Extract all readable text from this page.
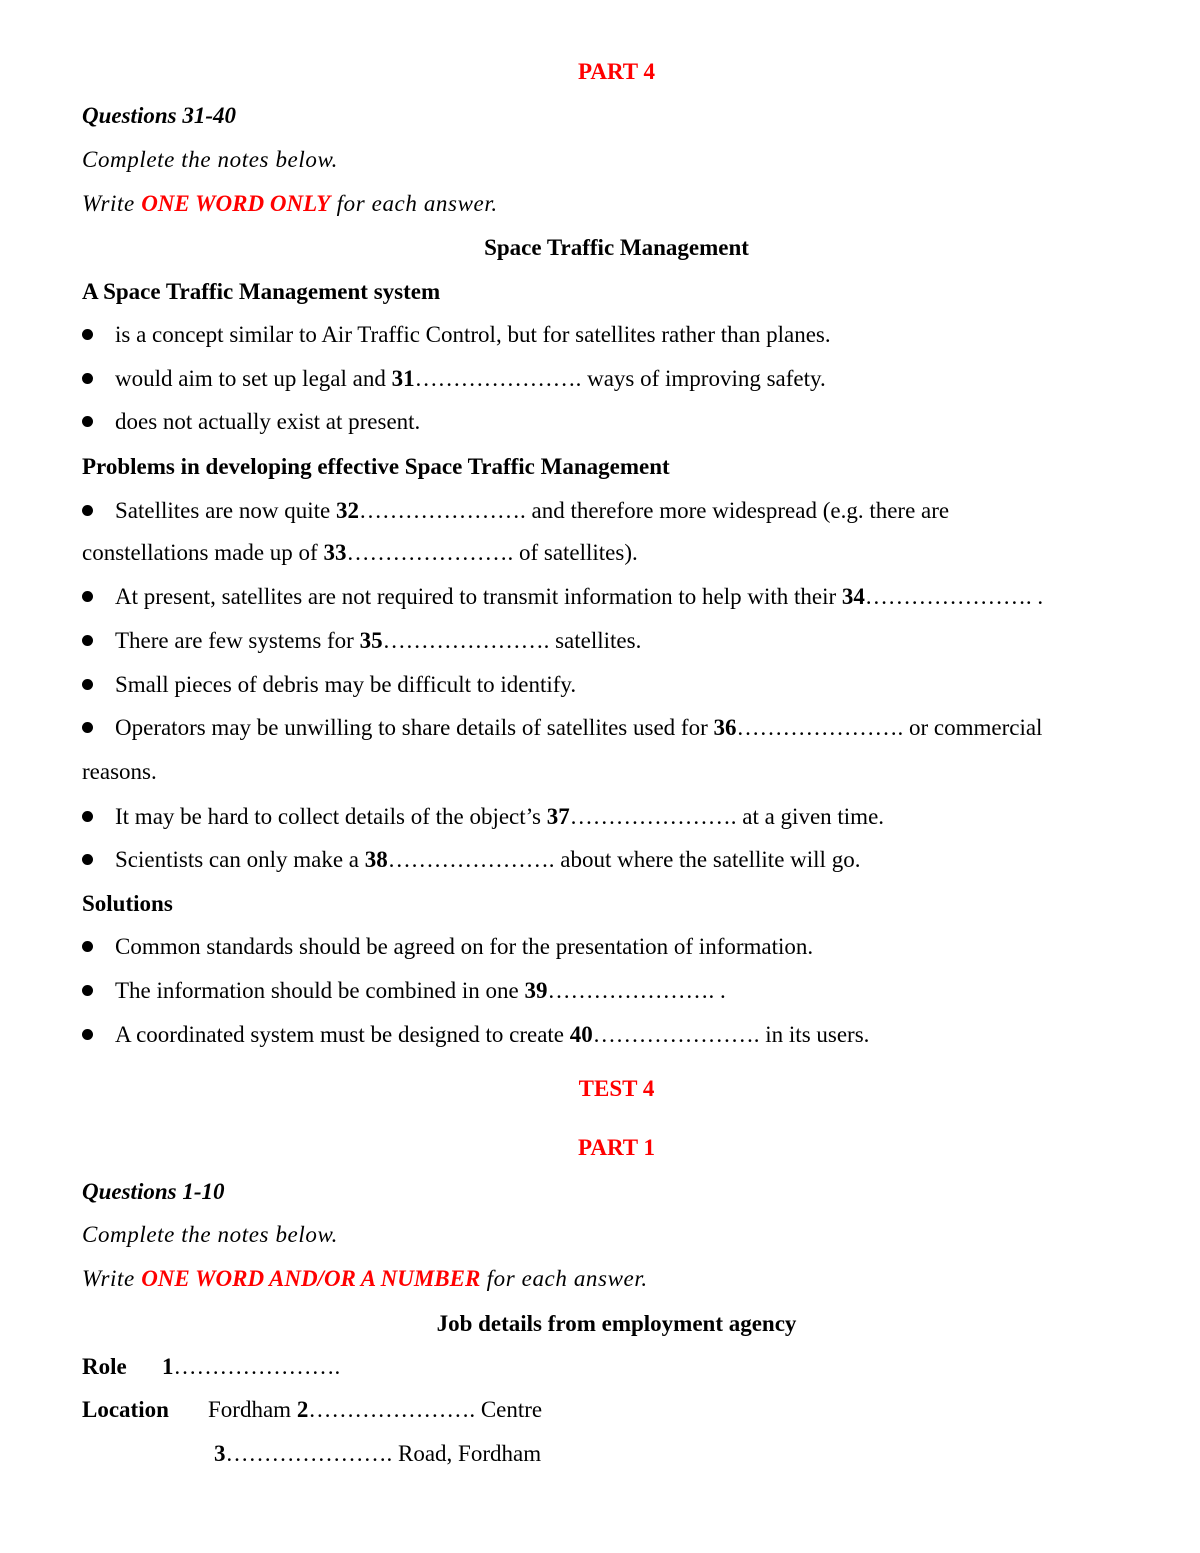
PART 4
Questions 31-40
Complete the notes below.
Write ONE WORD ONLY for each answer.
Space Traffic Management
A Space Traffic Management system
is a concept similar to Air Traffic Control, but for satellites rather than planes.
would aim to set up legal and 31…………………. ways of improving safety.
does not actually exist at present.
Problems in developing effective Space Traffic Management
Satellites are now quite 32…………………. and therefore more widespread (e.g. there are
constellations made up of 33…………………. of satellites).
At present, satellites are not required to transmit information to help with their 34…………………. .
There are few systems for 35…………………. satellites.
Small pieces of debris may be difficult to identify.
Operators may be unwilling to share details of satellites used for 36…………………. or commercial
reasons.
It may be hard to collect details of the object’s 37…………………. at a given time.
Scientists can only make a 38…………………. about where the satellite will go.
Solutions
Common standards should be agreed on for the presentation of information.
The information should be combined in one 39…………………. .
A coordinated system must be designed to create 40…………………. in its users.
TEST 4
PART 1
Questions 1-10
Complete the notes below.
Write ONE WORD AND/OR A NUMBER for each answer.
Job details from employment agency
Role 1………………….
Location Fordham 2…………………. Centre
3…………………. Road, Fordham
